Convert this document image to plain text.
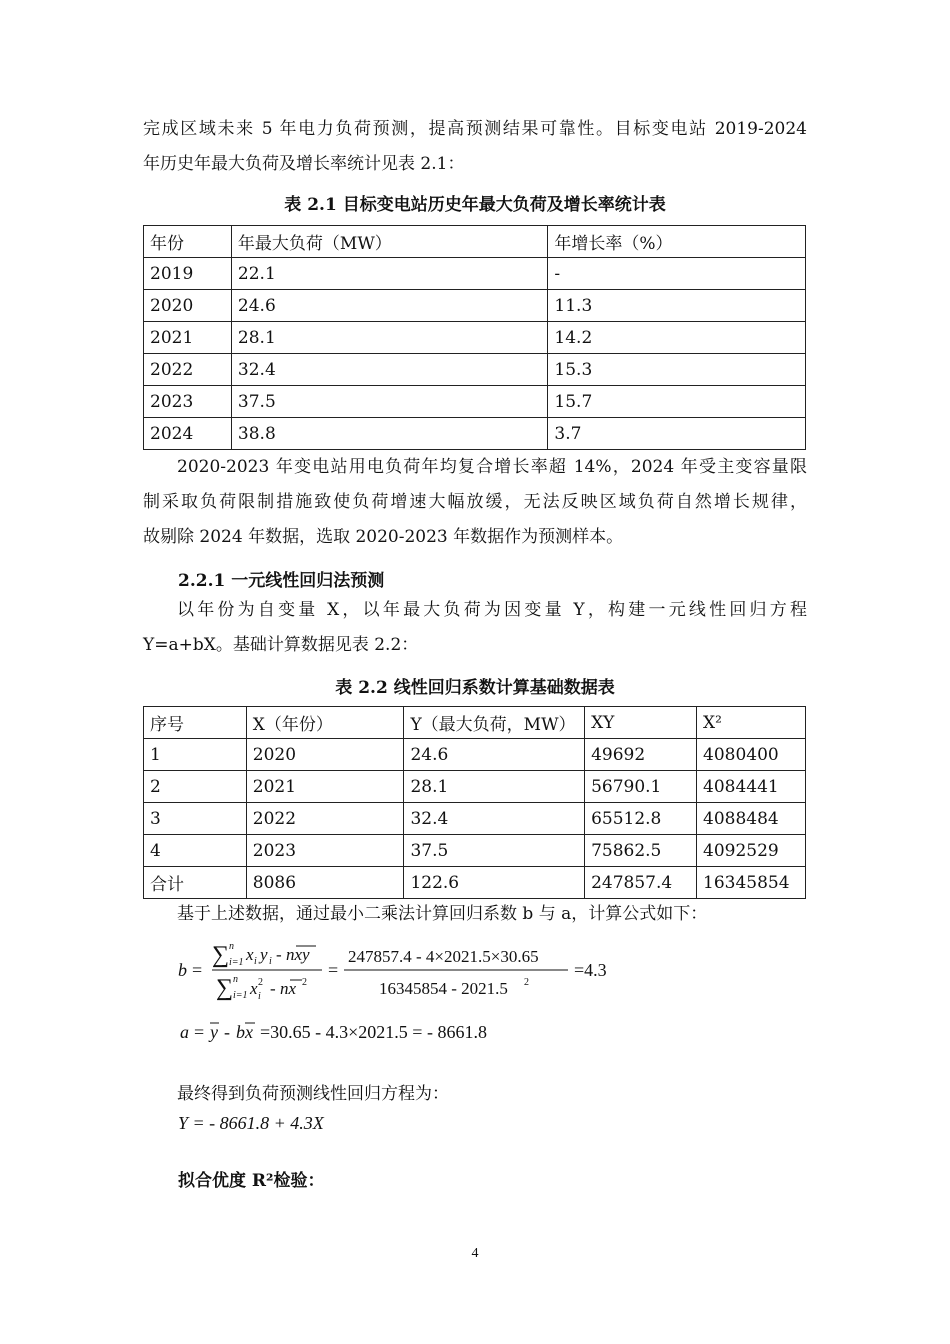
完成区域未来 5 年电力负荷预测，提高预测结果可靠性。目标变电站 2019-2024
年历史年最大负荷及增长率统计见表 2.1：
表 2.1 目标变电站历史年最大负荷及增长率统计表
年份	年最大负荷（MW）	年增长率（%）
2019	22.1	-
2020	24.6	11.3
2021	28.1	14.2
2022	32.4	15.3
2023	37.5	15.7
2024	38.8	3.7
2020-2023 年变电站用电负荷年均复合增长率超 14%，2024 年受主变容量限
制采取负荷限制措施致使负荷增速大幅放缓，无法反映区域负荷自然增长规律，
故剔除 2024 年数据，选取 2020-2023 年数据作为预测样本。
2.2.1 一元线性回归法预测
以年份为自变量 X，以年最大负荷为因变量 Y，构建一元线性回归方程
Y=a+bX。基础计算数据见表 2.2：
表 2.2 线性回归系数计算基础数据表
序号	X（年份）	Y（最大负荷，MW）	XY	X²
1	2020	24.6	49692	4080400
2	2021	28.1	56790.1	4084441
3	2022	32.4	65512.8	4088484
4	2023	37.5	75862.5	4092529
合计	8086	122.6	247857.4	16345854
基于上述数据，通过最小二乘法计算回归系数 b 与 a，计算公式如下：
b =
∑ n
i=1 x i y i - nxy
∑ n
i=1 x 2
i - nx 2
=
247857.4 - 4×2021.5×30.65
16345854 - 2021.5 2
=4.3
a = y - bx =30.65 - 4.3×2021.5 = - 8661.8
最终得到负荷预测线性回归方程为：
Y = - 8661.8 + 4.3X
拟合优度 R²检验：
4
